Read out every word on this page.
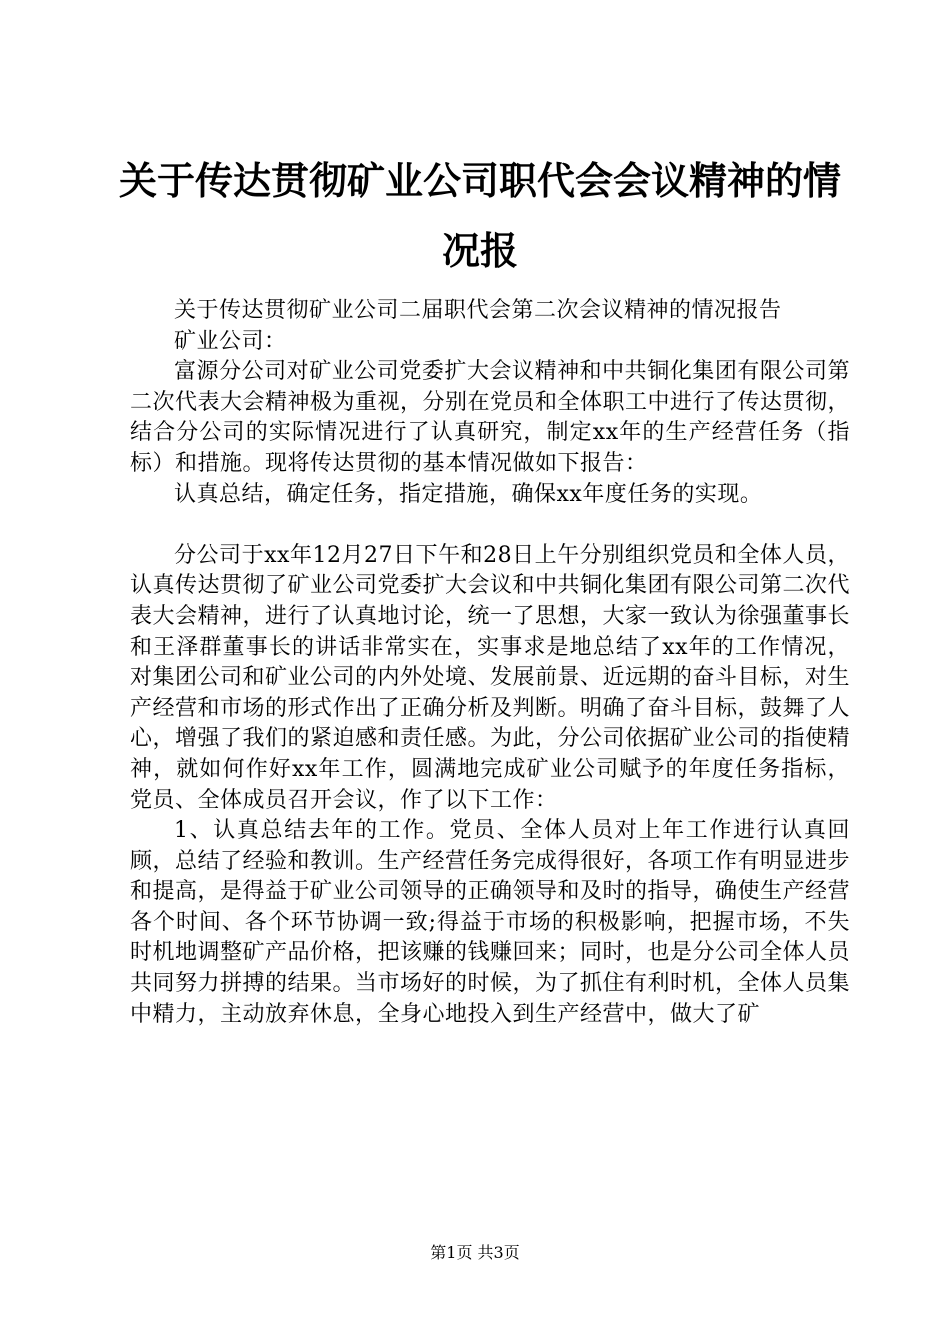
关于传达贯彻矿业公司职代会会议精神的情况报

关于传达贯彻矿业公司二届职代会第二次会议精神的情况报告

矿业公司：

富源分公司对矿业公司党委扩大会议精神和中共铜化集团有限公司第二次代表大会精神极为重视，分别在党员和全体职工中进行了传达贯彻，结合分公司的实际情况进行了认真研究，制定xx年的生产经营任务（指标）和措施。现将传达贯彻的基本情况做如下报告：

认真总结，确定任务，指定措施，确保xx年度任务的实现。

分公司于xx年12月27日下午和28日上午分别组织党员和全体人员，认真传达贯彻了矿业公司党委扩大会议和中共铜化集团有限公司第二次代表大会精神，进行了认真地讨论，统一了思想，大家一致认为徐强董事长和王泽群董事长的讲话非常实在，实事求是地总结了xx年的工作情况，对集团公司和矿业公司的内外处境、发展前景、近远期的奋斗目标，对生产经营和市场的形式作出了正确分析及判断。明确了奋斗目标，鼓舞了人心，增强了我们的紧迫感和责任感。为此，分公司依据矿业公司的指使精神，就如何作好xx年工作，圆满地完成矿业公司赋予的年度任务指标，党员、全体成员召开会议，作了以下工作：

1、认真总结去年的工作。党员、全体人员对上年工作进行认真回顾，总结了经验和教训。生产经营任务完成得很好，各项工作有明显进步和提高，是得益于矿业公司领导的正确领导和及时的指导，确使生产经营各个时间、各个环节协调一致;得益于市场的积极影响，把握市场，不失时机地调整矿产品价格，把该赚的钱赚回来；同时，也是分公司全体人员共同努力拼搏的结果。当市场好的时候，为了抓住有利时机，全体人员集中精力，主动放弃休息，全身心地投入到生产经营中，做大了矿

第1页 共3页
